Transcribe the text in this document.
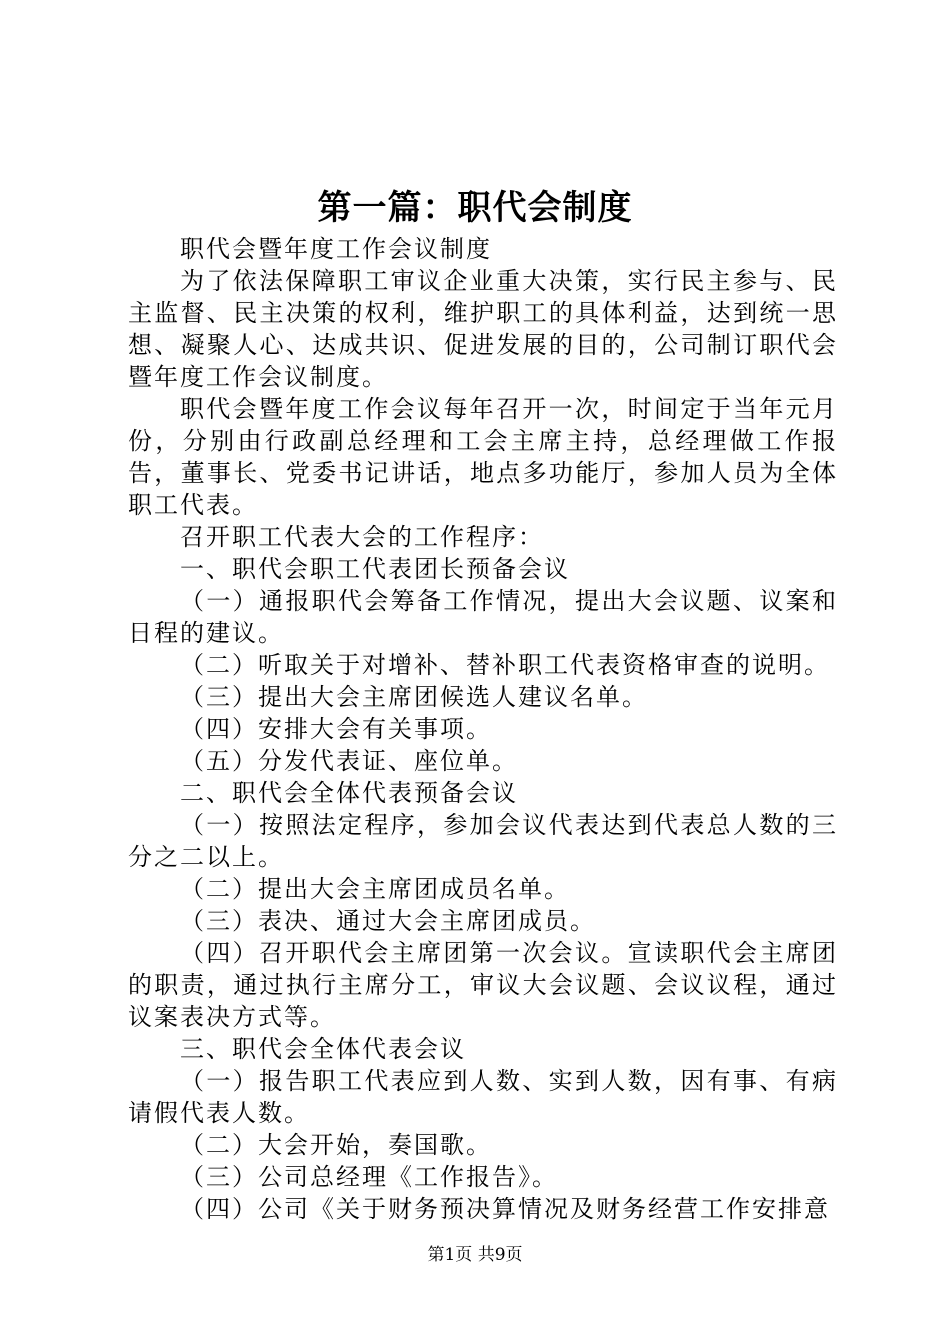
第一篇：职代会制度

职代会暨年度工作会议制度

为了依法保障职工审议企业重大决策，实行民主参与、民主监督、民主决策的权利，维护职工的具体利益，达到统一思想、凝聚人心、达成共识、促进发展的目的，公司制订职代会暨年度工作会议制度。

职代会暨年度工作会议每年召开一次，时间定于当年元月份，分别由行政副总经理和工会主席主持，总经理做工作报告，董事长、党委书记讲话，地点多功能厅，参加人员为全体职工代表。

召开职工代表大会的工作程序：

一、职代会职工代表团长预备会议

（一）通报职代会筹备工作情况，提出大会议题、议案和日程的建议。

（二）听取关于对增补、替补职工代表资格审查的说明。

（三）提出大会主席团候选人建议名单。

（四）安排大会有关事项。

（五）分发代表证、座位单。

二、职代会全体代表预备会议

（一）按照法定程序，参加会议代表达到代表总人数的三分之二以上。

（二）提出大会主席团成员名单。

（三）表决、通过大会主席团成员。

（四）召开职代会主席团第一次会议。宣读职代会主席团的职责，通过执行主席分工，审议大会议题、会议议程，通过议案表决方式等。

三、职代会全体代表会议

（一）报告职工代表应到人数、实到人数，因有事、有病请假代表人数。

（二）大会开始，奏国歌。

（三）公司总经理《工作报告》。

（四）公司《关于财务预决算情况及财务经营工作安排意

第1页 共9页
